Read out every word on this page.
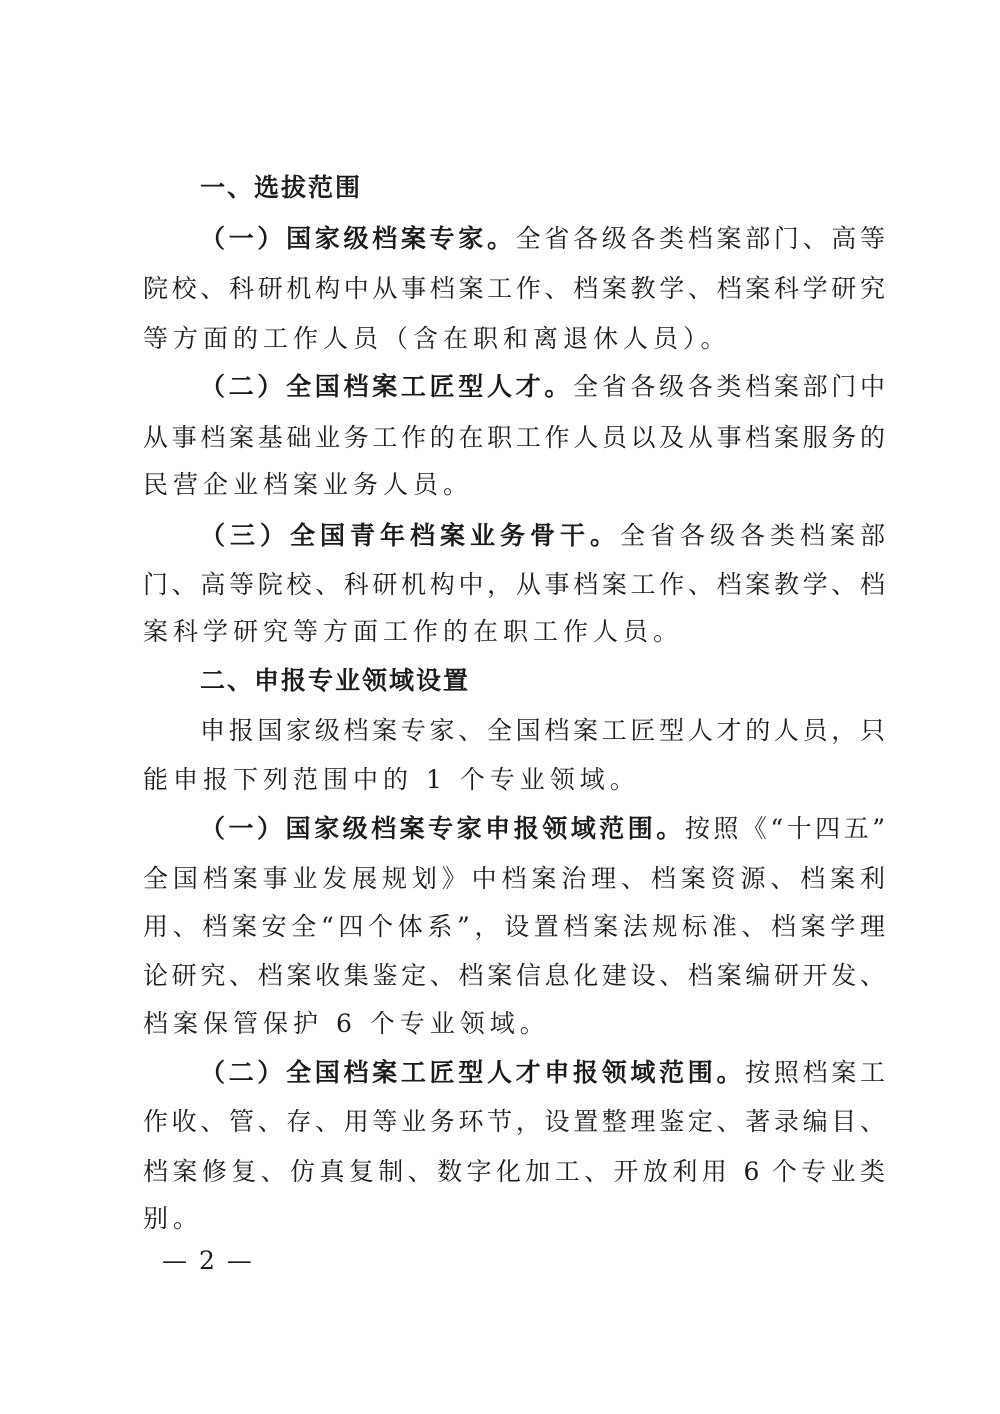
一、选拔范围
（一）国家级档案专家。全省各级各类档案部门、高等
院校、科研机构中从事档案工作、档案教学、档案科学研究
等方面的工作人员（含在职和离退休人员）。
（二）全国档案工匠型人才。全省各级各类档案部门中
从事档案基础业务工作的在职工作人员以及从事档案服务的
民营企业档案业务人员。
（三）全国青年档案业务骨干。全省各级各类档案部
门、高等院校、科研机构中，从事档案工作、档案教学、档
案科学研究等方面工作的在职工作人员。
二、申报专业领域设置
申报国家级档案专家、全国档案工匠型人才的人员，只
能申报下列范围中的 1 个专业领域。
（一）国家级档案专家申报领域范围。按照《“十四五”
全国档案事业发展规划》中档案治理、档案资源、档案利
用、档案安全“四个体系”，设置档案法规标准、档案学理
论研究、档案收集鉴定、档案信息化建设、档案编研开发、
档案保管保护 6 个专业领域。
（二）全国档案工匠型人才申报领域范围。按照档案工
作收、管、存、用等业务环节，设置整理鉴定、著录编目、
档案修复、仿真复制、数字化加工、开放利用 6 个专业类
别。
— 2 —
